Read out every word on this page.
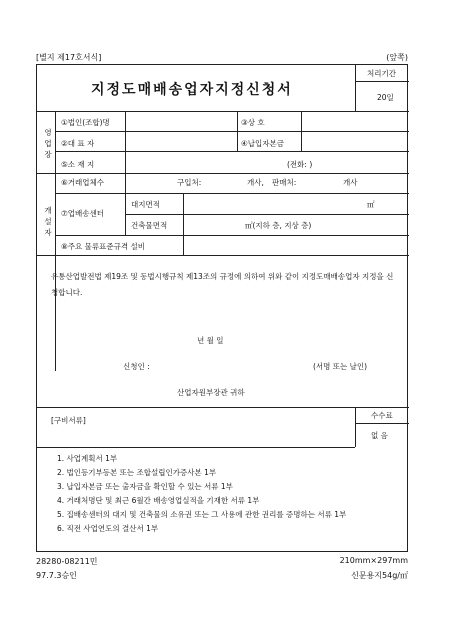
[별지 제17호서식]	(앞쪽)
지정도매배송업자지정신청서
처리기간
20일
영
업
장
①법인(조합)명	③상 호
②대 표 자	④납입자본금
⑤소 재 지	(전화: )
개
설
자
⑥거래업체수	구입처:	개사, 판매처:	개사
⑦업배송센터
대지면적	㎡
건축물면적	㎡(지하 층, 지상 층)
⑧주요 물류표준규격 설비
유통산업발전법 제19조 및 동법시행규칙 제13조의 규정에 의하여 위와 같이 지정도매배송업자 지정을 신청합니다.
년 월 일
신청인 :	(서명 또는 날인)
산업자원부장관 귀하
수수료
없 음
[구비서류]
1. 사업계획서 1부
2. 법인등기부등본 또는 조합설립인가증사본 1부
3. 납입자본금 또는 출자금을 확인할 수 있는 서류 1부
4. 거래처명단 및 최근 6월간 배송영업실적을 기재한 서류 1부
5. 집배송센터의 대지 및 건축물의 소유권 또는 그 사용에 관한 권리를 증명하는 서류 1부
6. 직전 사업연도의 결산서 1부
28280-08211민	210mm×297mm
97.7.3승인	신문용지54g/㎡
